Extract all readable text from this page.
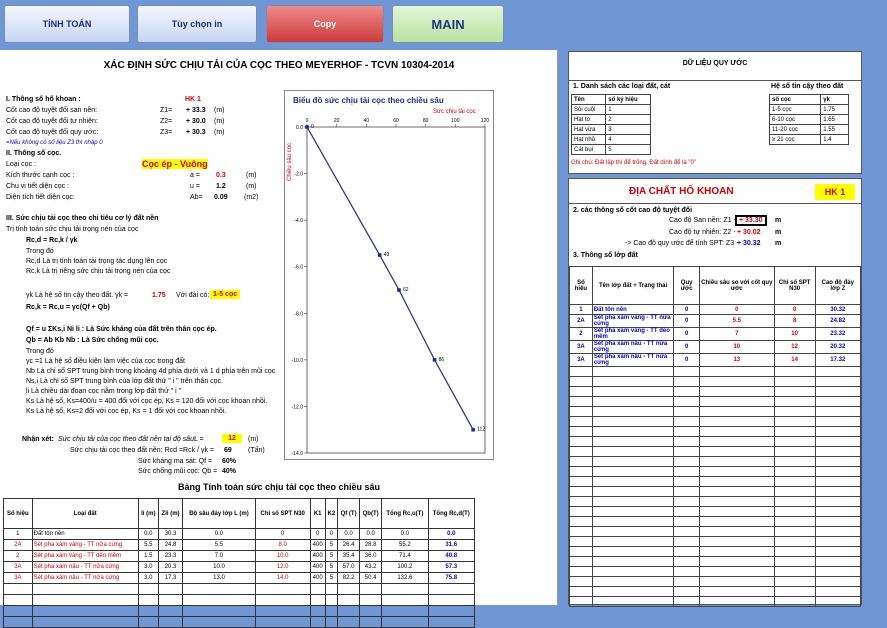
TÍNH TOÁN	Tùy chọn in	Copy	MAIN
XÁC ĐỊNH SỨC CHỊU TẢI CỦA CỌC THEO MEYERHOF - TCVN 10304-2014
I. Thông số hố khoan :	HK 1
Cốt cao độ tuyệt đối san nền:	Z1= + 33.3 (m)
Cốt cao độ tuyệt đối tự nhiên:	Z2= + 30.0 (m)
Cốt cao độ tuyệt đối quy ước:	Z3= + 30.3 (m)
=Nếu không có số liệu Z3 thì nhập 0
II. Thông số cọc.
Loại cọc :	Cọc ép - Vuông
Kích thước cạnh cọc :	a = 0.3	(m)
Chu vi tiết diện cọc :	u = 1.2	(m)
Diện tích tiết diện cọc:	Ab= 0.09 (m2)
III. Sức chịu tải cọc theo chỉ tiêu cơ lý đất nền
Trị tính toán sức chịu tải trọng nén của cọc
Rc,d = Rc,k / γk
Trong đó
Rc,d Là trị tính toán tải trọng tác dụng lên cọc
Rc,k Là trị riêng sức chịu tải trọng nén của cọc
γk Là hệ số tin cậy theo đất. γk =	1.75 Với đài có: 1-5 cọc
Rc,k = Rc,u = γc(Qf + Qb)
Qf = u ΣKs,i Ni li : Là Sức kháng của đất trên thân cọc ép.
Qb = Ab Kb Nb : Là Sức chống mũi cọc.
Trong đó
γc =1 Là hệ số điều kiện làm việc của cọc trong đất
Nb Là chỉ số SPT trung bình trong khoảng 4d phía dưới và 1 d phía trên mũi cọc
Ns,i Là chỉ số SPT trung bình của lớp đất thứ " i " trên thân cọc.
li Là chiều dài đoạn cọc nằm trong lớp đất thứ " i "
Ks Là hệ số, Ks=400/u = 400 đối với cọc ép, Ks = 120 đối với cọc khoan nhồi.
Ks Là hệ số, Ks=2 đối với cọc ép, Ks = 1 đối với cọc khoan nhồi.
Nhận xét: Sức chịu tải của cọc theo đất nền tại độ sâu:
L =	12	(m)
Sức chịu tải cọc theo đất nền: Rcd =Rck / γk = 69 (Tấn)
Sức kháng ma sát: Qf = 60%
Sức chống mũi cọc: Qb = 40%
Biểu đồ sức chịu tải cọc theo chiều sâu
Sức chịu tải cọc
Chiều sâu cọc
0	20	40	60	80	100	120
0.0
-2.0
-4.0
-6.0
-8.0
-10.0
-12.0
-14.0
0
49
62
86
112
Bảng Tính toán sức chịu tải cọc theo chiều sâu
Số hiệu	Loại đất	li (m)	Zli (m)	Độ sâu đáy lớp L (m)	Chỉ số SPT N30	K1	K2	Qf (T)	Qb(T)	Tổng Rc,u(T)	Tổng Rc,d(T)
1	Đất tôn nền	0.0	30.3	0.0	0	0	0	0.0	0.0	0.0	0.0
2A	Sét pha xám vàng - TT nửa cứng	5.5	24.8	5.5	8.0	400	5	26.4	28.8	55.2	31.6
2	Sét pha xám vàng - TT dẻo mềm	1.5	23.3	7.0	10.0	400	5	35.4	36.0	71.4	40.8
3A	Sét pha xám nâu - TT nửa cứng	3.0	20.3	10.0	12.0	400	5	57.0	43.2	100.2	57.3
3A	Sét pha xám nâu - TT nửa cứng	3.0	17.3	13.0	14.0	400	5	82.2	50.4	132.6	75.8

DỮ LIỆU QUY ƯỚC
1. Danh sách các loại đất, cát
Tên	số ký hiệu
Sỏi cuội	1
Hạt to	2
Hạt vừa	3
Hạt nhỏ	4
Cát bụi	5
Hệ số tin cậy theo đất
số cọc	γk
1-5 cọc	1.75
6-10 cọc	1.65
11-20 cọc	1.55
≥ 21 cọc	1.4
Ghi chú: Đất lấp thì để trống, Đất dính để là "0"
ĐỊA CHẤT HỐ KHOAN	HK 1
2. các thông số cốt cao độ tuyệt đối
Cao độ San nền: Z1 - + 33.30	m
Cao độ tự nhiên: Z2 - + 30.02 m
-> Cao độ quy ước để tính SPT: Z3 -
+ 30.32 m
3. Thông số lớp đất
Số hiệu	Tên lớp đất + Trạng thái	Quy ước	Chiều sâu so với cốt quy ước	Chỉ số SPT N30	Cao độ đáy lớp Z
1	Đất tôn nền	0	0	0	30.32
2A	Sét pha xám vàng - TT nửa cứng	0	5.5	8	24.82
2	Sét pha xám vàng - TT dẻo mềm	0	7	10	23.32
3A	Sét pha xám nâu - TT nửa cứng	0	10	12	20.32
3A	Sét pha xám nâu - TT nửa cứng	0	13	14	17.32
